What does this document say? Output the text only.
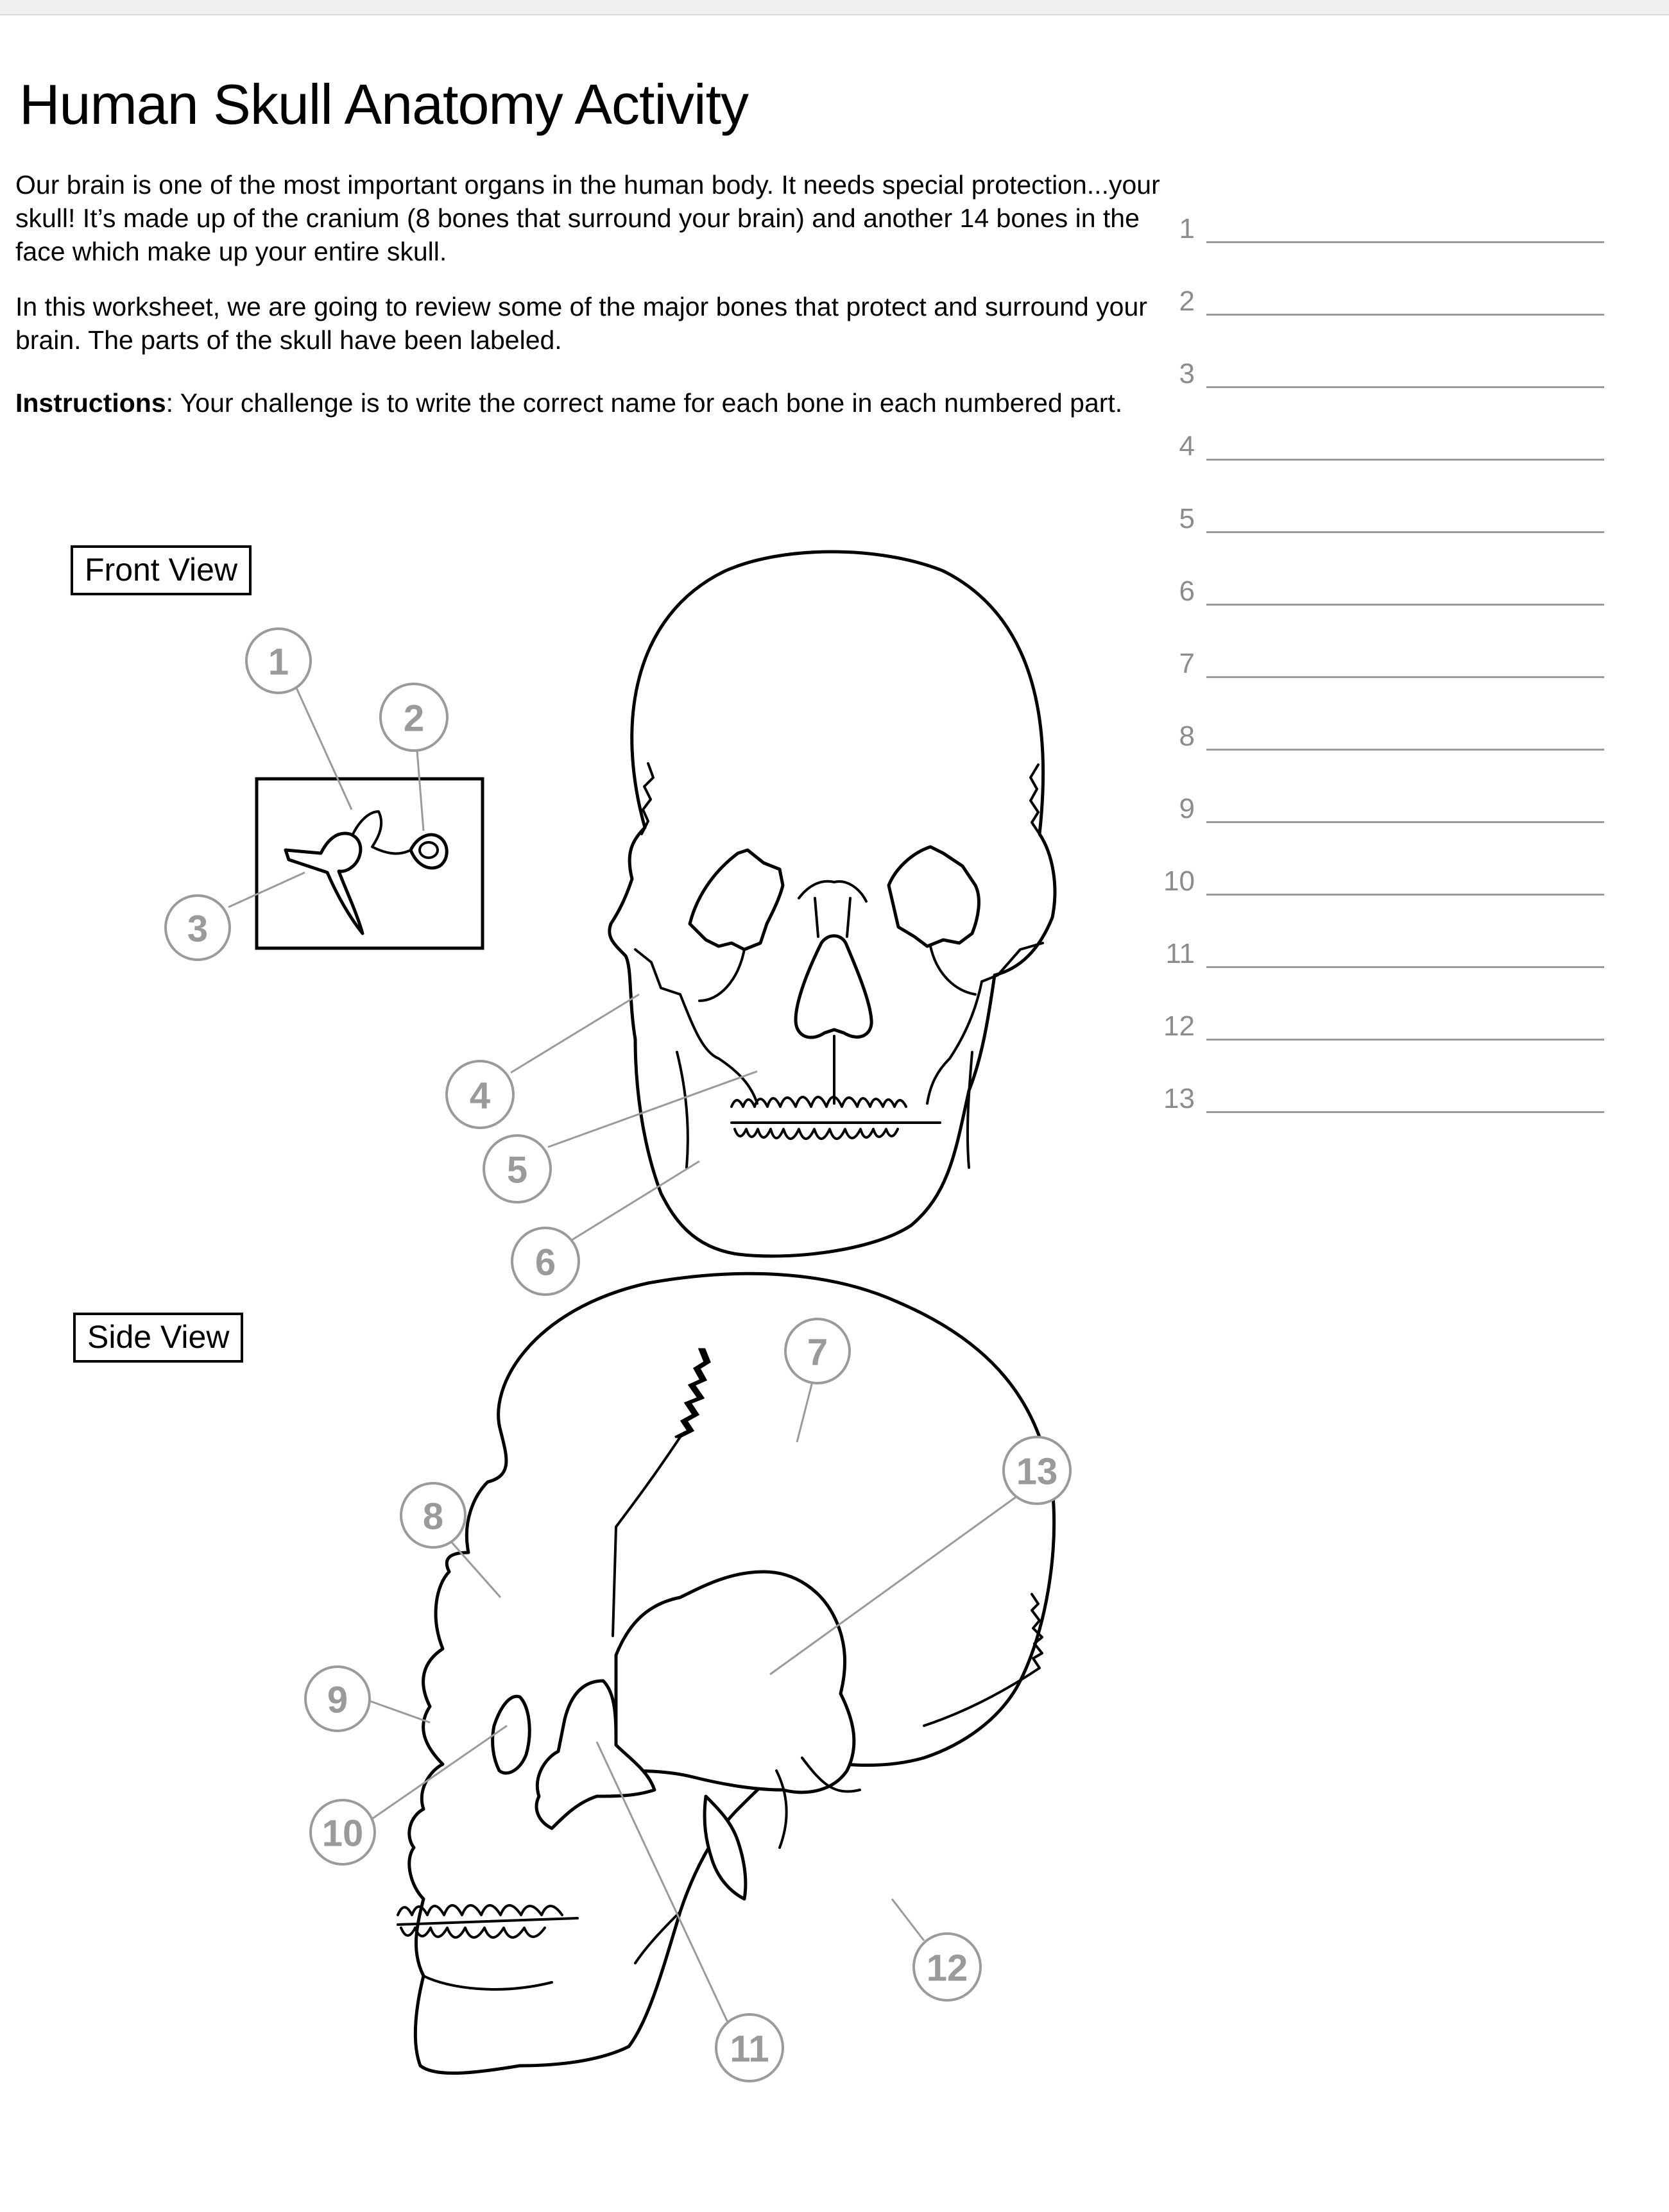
Human Skull Anatomy Activity

Our brain is one of the most important organs in the human body. It needs special protection...your skull! It’s made up of the cranium (8 bones that surround your brain) and another 14 bones in the face which make up your entire skull.

In this worksheet, we are going to review some of the major bones that protect and surround your brain. The parts of the skull have been labeled.

Instructions: Your challenge is to write the correct name for each bone in each numbered part.

Front View
Side View
1
2
3
4
5
6
7
8
9
10
11
12
13
1
2
3
4
5
6
7
8
9
10
11
12
13
